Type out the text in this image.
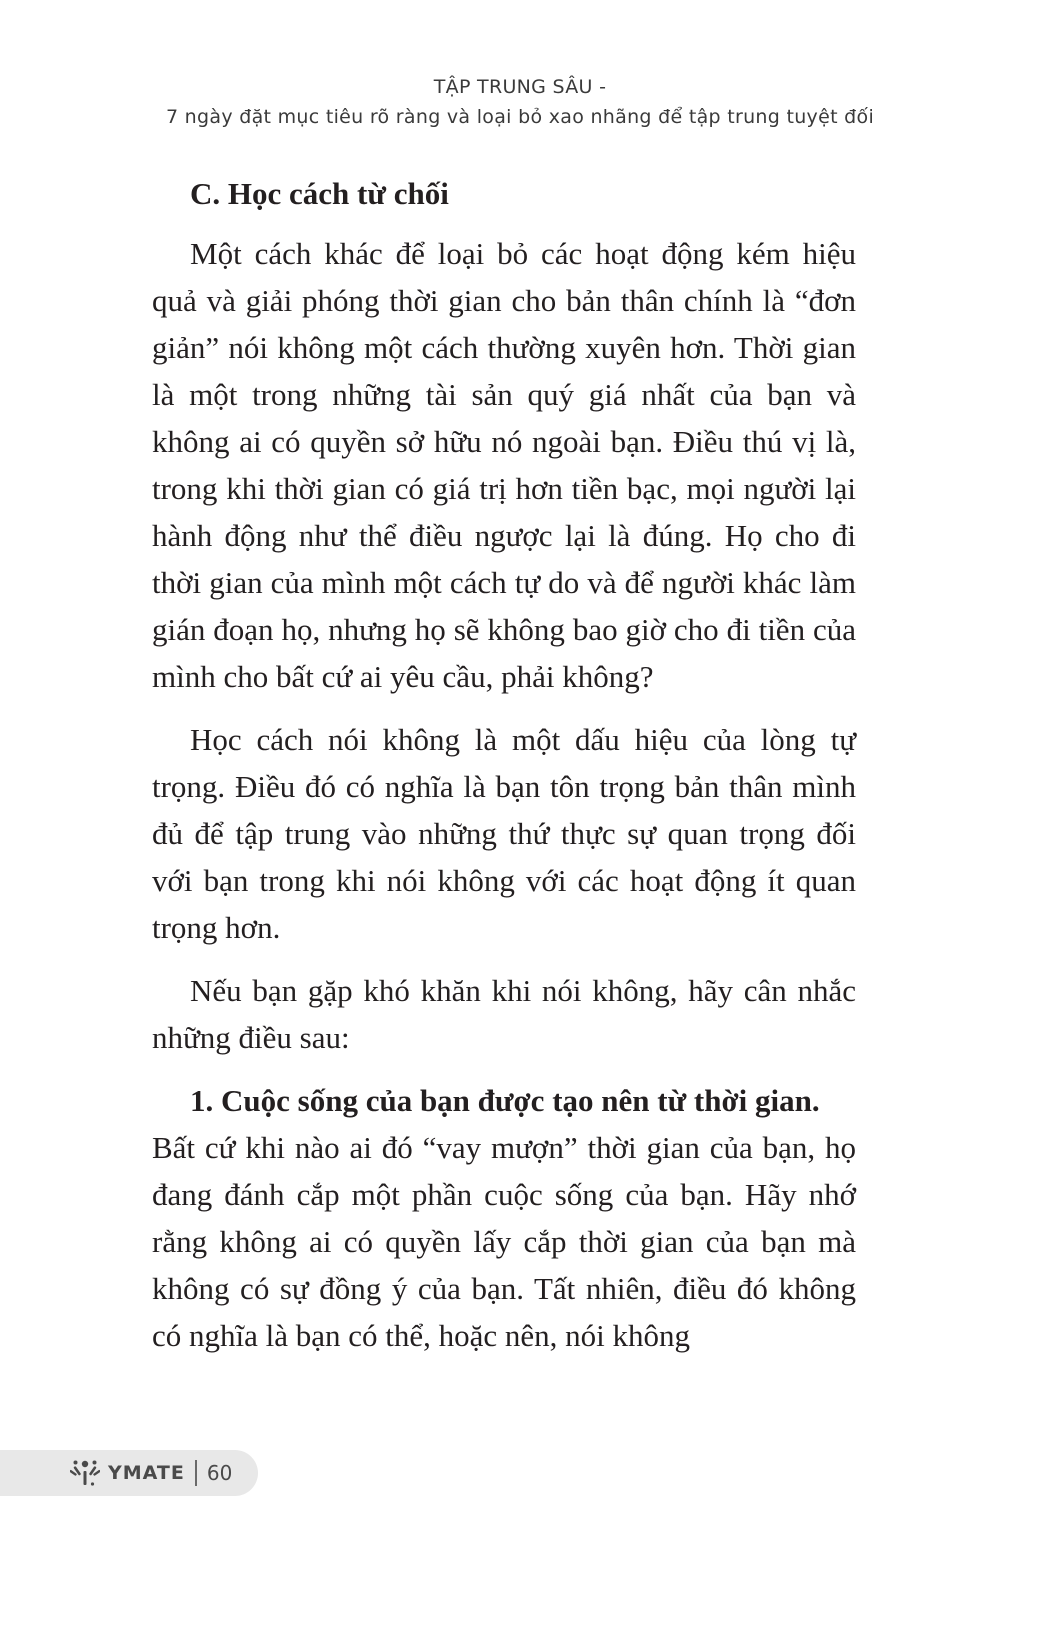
TẬP TRUNG SÂU -
7 ngày đặt mục tiêu rõ ràng và loại bỏ xao nhãng để tập trung tuyệt đối
C. Học cách từ chối

Một cách khác để loại bỏ các hoạt động kém hiệu quả và giải phóng thời gian cho bản thân chính là “đơn giản” nói không một cách thường xuyên hơn. Thời gian là một trong những tài sản quý giá nhất của bạn và không ai có quyền sở hữu nó ngoài bạn. Điều thú vị là, trong khi thời gian có giá trị hơn tiền bạc, mọi người lại hành động như thể điều ngược lại là đúng. Họ cho đi thời gian của mình một cách tự do và để người khác làm gián đoạn họ, nhưng họ sẽ không bao giờ cho đi tiền của mình cho bất cứ ai yêu cầu, phải không?

Học cách nói không là một dấu hiệu của lòng tự trọng. Điều đó có nghĩa là bạn tôn trọng bản thân mình đủ để tập trung vào những thứ thực sự quan trọng đối với bạn trong khi nói không với các hoạt động ít quan trọng hơn.

Nếu bạn gặp khó khăn khi nói không, hãy cân nhắc những điều sau:

1. Cuộc sống của bạn được tạo nên từ thời gian.
Bất cứ khi nào ai đó “vay mượn” thời gian của bạn, họ đang đánh cắp một phần cuộc sống của bạn. Hãy nhớ rằng không ai có quyền lấy cắp thời gian của bạn mà không có sự đồng ý của bạn. Tất nhiên, điều đó không có nghĩa là bạn có thể, hoặc nên, nói không

YMATE 60
